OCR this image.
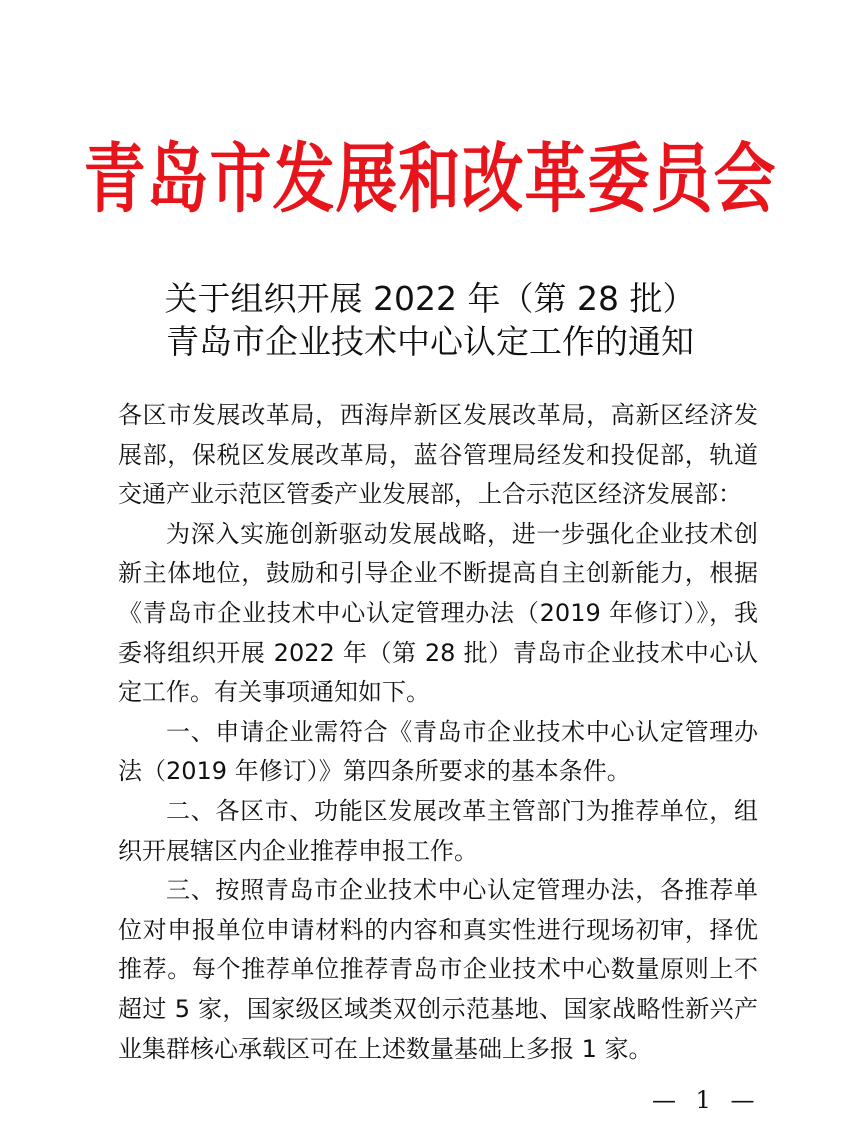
青岛市发展和改革委员会
关于组织开展 2022 年（第 28 批）
青岛市企业技术中心认定工作的通知

各区市发展改革局，西海岸新区发展改革局，高新区经济发展部，保税区发展改革局，蓝谷管理局经发和投促部，轨道交通产业示范区管委产业发展部，上合示范区经济发展部：

为深入实施创新驱动发展战略，进一步强化企业技术创新主体地位，鼓励和引导企业不断提高自主创新能力，根据《青岛市企业技术中心认定管理办法（2019 年修订）》，我委将组织开展 2022 年（第 28 批）青岛市企业技术中心认定工作。有关事项通知如下。

一、申请企业需符合《青岛市企业技术中心认定管理办法（2019 年修订）》第四条所要求的基本条件。

二、各区市、功能区发展改革主管部门为推荐单位，组织开展辖区内企业推荐申报工作。

三、按照青岛市企业技术中心认定管理办法，各推荐单位对申报单位申请材料的内容和真实性进行现场初审，择优推荐。每个推荐单位推荐青岛市企业技术中心数量原则上不超过 5 家，国家级区域类双创示范基地、国家战略性新兴产业集群核心承载区可在上述数量基础上多报 1 家。

— 1 —
